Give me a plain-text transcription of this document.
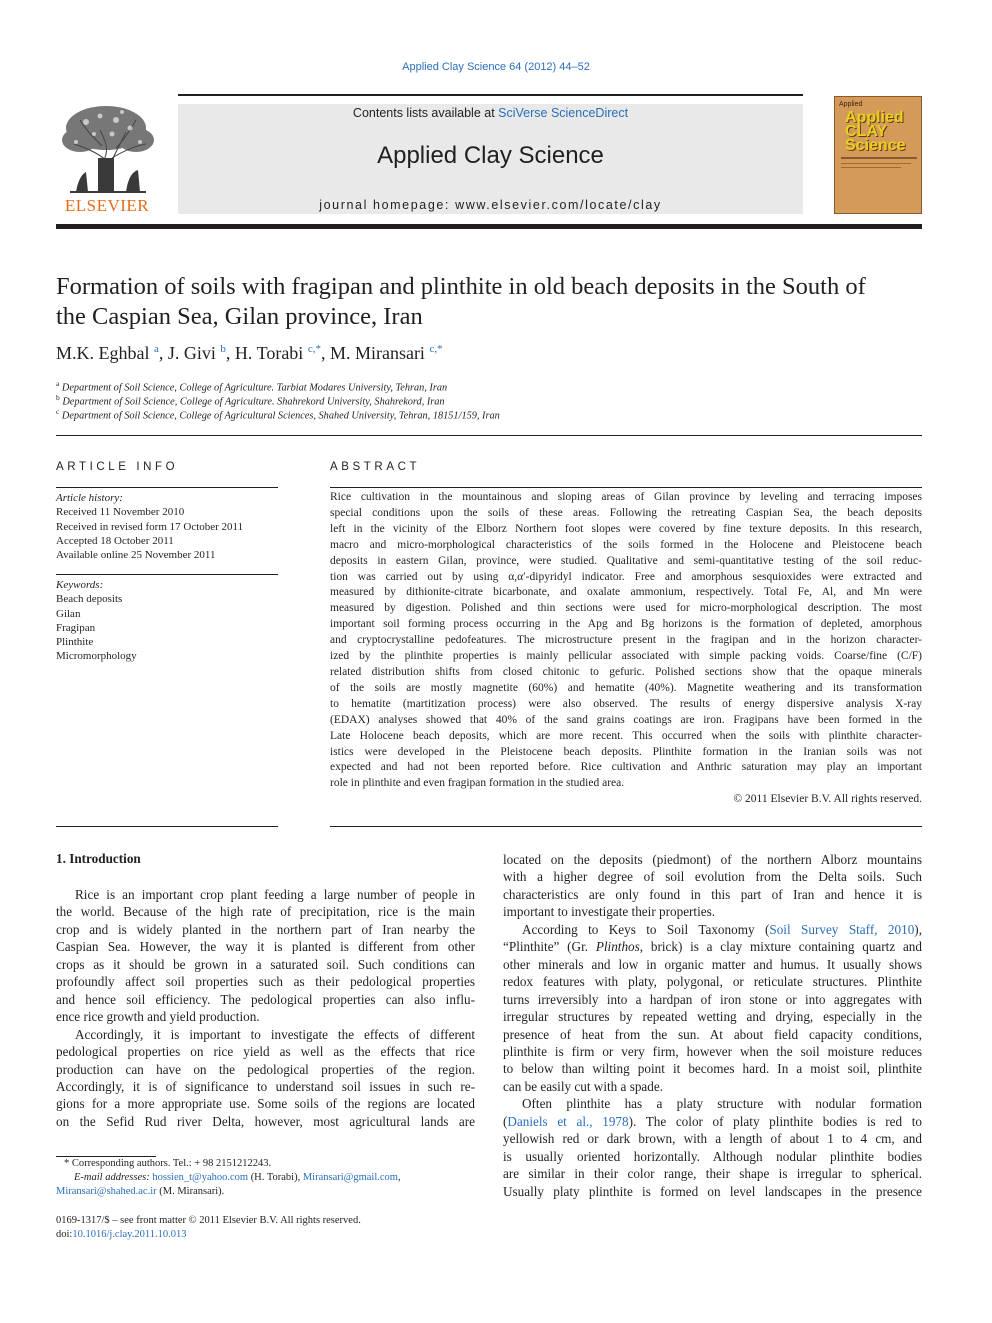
Applied Clay Science 64 (2012) 44–52
Contents lists available at SciVerse ScienceDirect
Applied Clay Science
journal homepage: www.elsevier.com/locate/clay
ELSEVIER
Applied
Applied CLAY Science
Formation of soils with fragipan and plinthite in old beach deposits in the South of
the Caspian Sea, Gilan province, Iran
M.K. Eghbal $^a$, J. Givi $^b$, H. Torabi $^{c,*}$, M. Miransari $^{c,*}$
$^a$ Department of Soil Science, College of Agriculture. Tarbiat Modares University, Tehran, Iran
$^b$ Department of Soil Science, College of Agriculture. Shahrekord University, Shahrekord, Iran
$^c$ Department of Soil Science, College of Agricultural Sciences, Shahed University, Tehran, 18151/159, Iran
ARTICLE INFO
Article history:
Received 11 November 2010
Received in revised form 17 October 2011
Accepted 18 October 2011
Available online 25 November 2011
Keywords:
Beach deposits
Gilan
Fragipan
Plinthite
Micromorphology
ABSTRACT
Rice cultivation in the mountainous and sloping areas of Gilan province by leveling and terracing imposes
special conditions upon the soils of these areas. Following the retreating Caspian Sea, the beach deposits
left in the vicinity of the Elborz Northern foot slopes were covered by fine texture deposits. In this research,
macro and micro-morphological characteristics of the soils formed in the Holocene and Pleistocene beach
deposits in eastern Gilan, province, were studied. Qualitative and semi-quantitative testing of the soil reduc-
tion was carried out by using α,α′-dipyridyl indicator. Free and amorphous sesquioxides were extracted and
measured by dithionite-citrate bicarbonate, and oxalate ammonium, respectively. Total Fe, Al, and Mn were
measured by digestion. Polished and thin sections were used for micro-morphological description. The most
important soil forming process occurring in the Apg and Bg horizons is the formation of depleted, amorphous
and cryptocrystalline pedofeatures. The microstructure present in the fragipan and in the horizon character-
ized by the plinthite properties is mainly pellicular associated with simple packing voids. Coarse/fine (C/F)
related distribution shifts from closed chitonic to gefuric. Polished sections show that the opaque minerals
of the soils are mostly magnetite (60%) and hematite (40%). Magnetite weathering and its transformation
to hematite (martitization process) were also observed. The results of energy dispersive analysis X-ray
(EDAX) analyses showed that 40% of the sand grains coatings are iron. Fragipans have been formed in the
Late Holocene beach deposits, which are more recent. This occurred when the soils with plinthite character-
istics were developed in the Pleistocene beach deposits. Plinthite formation in the Iranian soils was not
expected and had not been reported before. Rice cultivation and Anthric saturation may play an important
role in plinthite and even fragipan formation in the studied area.
© 2011 Elsevier B.V. All rights reserved.
1. Introduction
Rice is an important crop plant feeding a large number of people in
the world. Because of the high rate of precipitation, rice is the main
crop and is widely planted in the northern part of Iran nearby the
Caspian Sea. However, the way it is planted is different from other
crops as it should be grown in a saturated soil. Such conditions can
profoundly affect soil properties such as their pedological properties
and hence soil efficiency. The pedological properties can also influ-
ence rice growth and yield production.
Accordingly, it is important to investigate the effects of different
pedological properties on rice yield as well as the effects that rice
production can have on the pedological properties of the region.
Accordingly, it is of significance to understand soil issues in such re-
gions for a more appropriate use. Some soils of the regions are located
on the Sefid Rud river Delta, however, most agricultural lands are
located on the deposits (piedmont) of the northern Alborz mountains
with a higher degree of soil evolution from the Delta soils. Such
characteristics are only found in this part of Iran and hence it is
important to investigate their properties.
According to Keys to Soil Taxonomy (Soil Survey Staff, 2010),
“Plinthite” (Gr. Plinthos, brick) is a clay mixture containing quartz and
other minerals and low in organic matter and humus. It usually shows
redox features with platy, polygonal, or reticulate structures. Plinthite
turns irreversibly into a hardpan of iron stone or into aggregates with
irregular structures by repeated wetting and drying, especially in the
presence of heat from the sun. At about field capacity conditions,
plinthite is firm or very firm, however when the soil moisture reduces
to below than wilting point it becomes hard. In a moist soil, plinthite
can be easily cut with a spade.
Often plinthite has a platy structure with nodular formation
(Daniels et al., 1978). The color of platy plinthite bodies is red to
yellowish red or dark brown, with a length of about 1 to 4 cm, and
is usually oriented horizontally. Although nodular plinthite bodies
are similar in their color range, their shape is irregular to spherical.
Usually platy plinthite is formed on level landscapes in the presence
* Corresponding authors. Tel.: + 98 2151212243.
E-mail addresses: hossien_t@yahoo.com (H. Torabi), Miransari@gmail.com,
Miransari@shahed.ac.ir (M. Miransari).
0169-1317/$ – see front matter © 2011 Elsevier B.V. All rights reserved.
doi:10.1016/j.clay.2011.10.013
